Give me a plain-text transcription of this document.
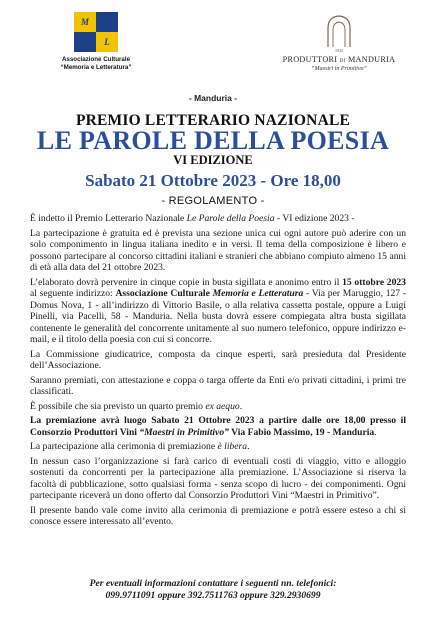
M
L
Associazione Culturale
“Memoria e Letteratura”
1932
PRODUTTORI DI MANDURIA
“Maestri in Primitivo”
- Manduria -
PREMIO LETTERARIO NAZIONALE
LE PAROLE DELLA POESIA
VI EDIZIONE
Sabato 21 Ottobre 2023 - Ore 18,00
- REGOLAMENTO -

È indetto il Premio Letterario Nazionale Le Parole della Poesia - VI edizione 2023 -

La partecipazione è gratuita ed è prevista una sezione unica cui ogni autore può aderire con un solo componimento in lingua italiana inedito e in versi. Il tema della composizione è libero e possono partecipare al concorso cittadini italiani e stranieri che abbiano compiuto almeno 15 anni di età alla data del 21 ottobre 2023.

L’elaborato dovrà pervenire in cinque copie in busta sigillata e anonimo entro il 15 ottobre 2023 al seguente indirizzo: Associazione Culturale Memoria e Letteratura - Via per Maruggio, 127 - Domus Nova, 1 - all’indirizzo di Vittorio Basile, o alla relativa cassetta postale, oppure a Luigi Pinelli, via Pacelli, 58 - Manduria. Nella busta dovrà essere compiegata altra busta sigillata contenente le generalità del concorrente unitamente al suo numero telefonico, oppure indirizzo e-mail, e il titolo della poesia con cui si concorre.

La Commissione giudicatrice, composta da cinque esperti, sarà presieduta dal Presidente dell’Associazione.

Saranno premiati, con attestazione e coppa o targa offerte da Enti e/o privati cittadini, i primi tre classificati.

È possibile che sia previsto un quarto premio ex aequo.

La premiazione avrà luogo Sabato 21 Ottobre 2023 a partire dalle ore 18,00 presso il Consorzio Produttori Vini “Maestri in Primitivo” Via Fabio Massimo, 19 - Manduria.

La partecipazione alla cerimonia di premiazione è libera.

In nessun caso l’organizzazione si farà carico di eventuali costi di viaggio, vitto e alloggio sostenuti da concorrenti per la partecipazione alla premiazione. L’Associazione si riserva la facoltà di pubblicazione, sotto qualsiasi forma - senza scopo di lucro - dei componimenti. Ogni partecipante riceverà un dono offerto dal Consorzio Produttori Vini “Maestri in Primitivo”.

Il presente bando vale come invito alla cerimonia di premiazione e potrà essere esteso a chi si conosce essere interessato all’evento.

Per eventuali informazioni contattare i seguenti nn. telefonici:
099.9711091 oppure 392.7511763 oppure 329.2930699
